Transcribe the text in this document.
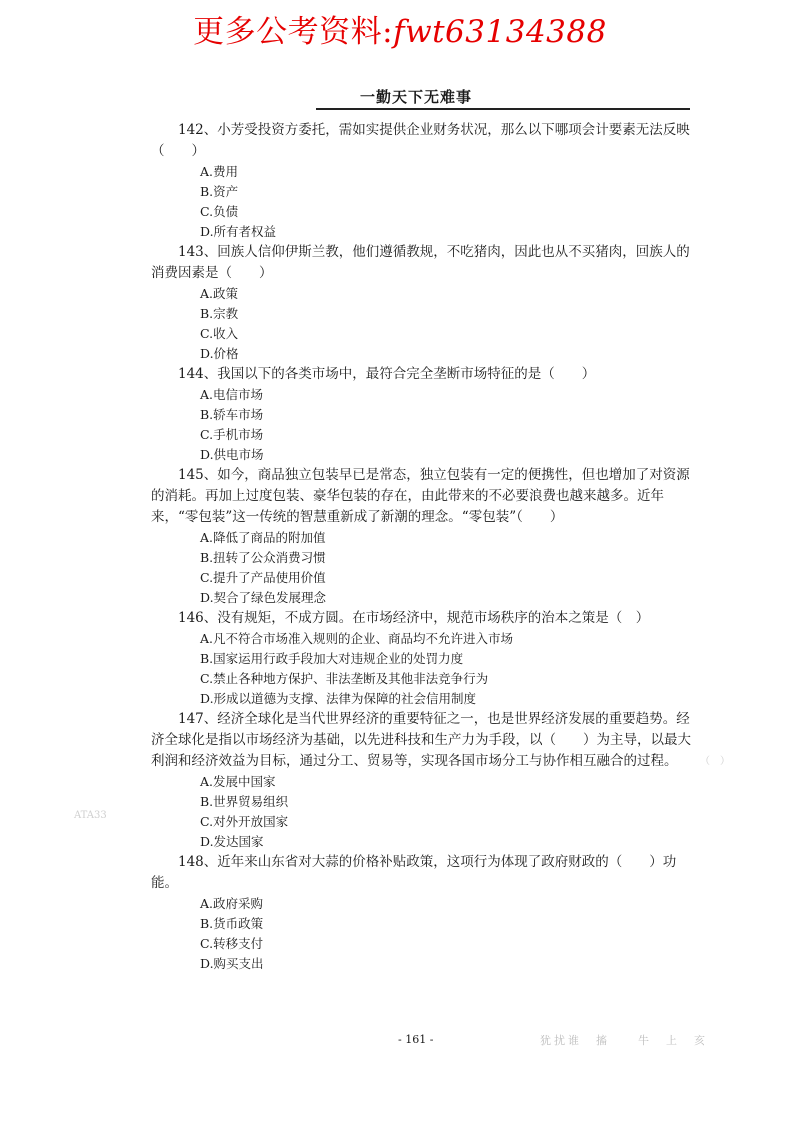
更多公考资料:fwt63134388
一勤天下无难事

142、小芳受投资方委托，需如实提供企业财务状况，那么以下哪项会计要素无法反映（　　）

A.费用

B.资产

C.负债

D.所有者权益

143、回族人信仰伊斯兰教，他们遵循教规，不吃猪肉，因此也从不买猪肉，回族人的消费因素是（　　）

A.政策

B.宗教

C.收入

D.价格

144、我国以下的各类市场中，最符合完全垄断市场特征的是（　　）

A.电信市场

B.轿车市场

C.手机市场

D.供电市场

145、如今，商品独立包装早已是常态，独立包装有一定的便携性，但也增加了对资源的消耗。再加上过度包装、豪华包装的存在，由此带来的不必要浪费也越来越多。近年来，“零包装”这一传统的智慧重新成了新潮的理念。“零包装”（　　）

A.降低了商品的附加值

B.扭转了公众消费习惯

C.提升了产品使用价值

D.契合了绿色发展理念

146、没有规矩，不成方圆。在市场经济中，规范市场秩序的治本之策是（　）

A.凡不符合市场准入规则的企业、商品均不允许进入市场

B.国家运用行政手段加大对违规企业的处罚力度

C.禁止各种地方保护、非法垄断及其他非法竞争行为

D.形成以道德为支撑、法律为保障的社会信用制度

147、经济全球化是当代世界经济的重要特征之一，也是世界经济发展的重要趋势。经济全球化是指以市场经济为基础，以先进科技和生产力为手段，以（　　）为主导，以最大利润和经济效益为目标，通过分工、贸易等，实现各国市场分工与协作相互融合的过程。

A.发展中国家

B.世界贸易组织

C.对外开放国家

D.发达国家

148、近年来山东省对大蒜的价格补贴政策，这项行为体现了政府财政的（　　）功能。

A.政府采购

B.货币政策

C.转移支付

D.购买支出

（　）
ATA33
- 161 -	犹扰谁　搐　　牛　上　亥
